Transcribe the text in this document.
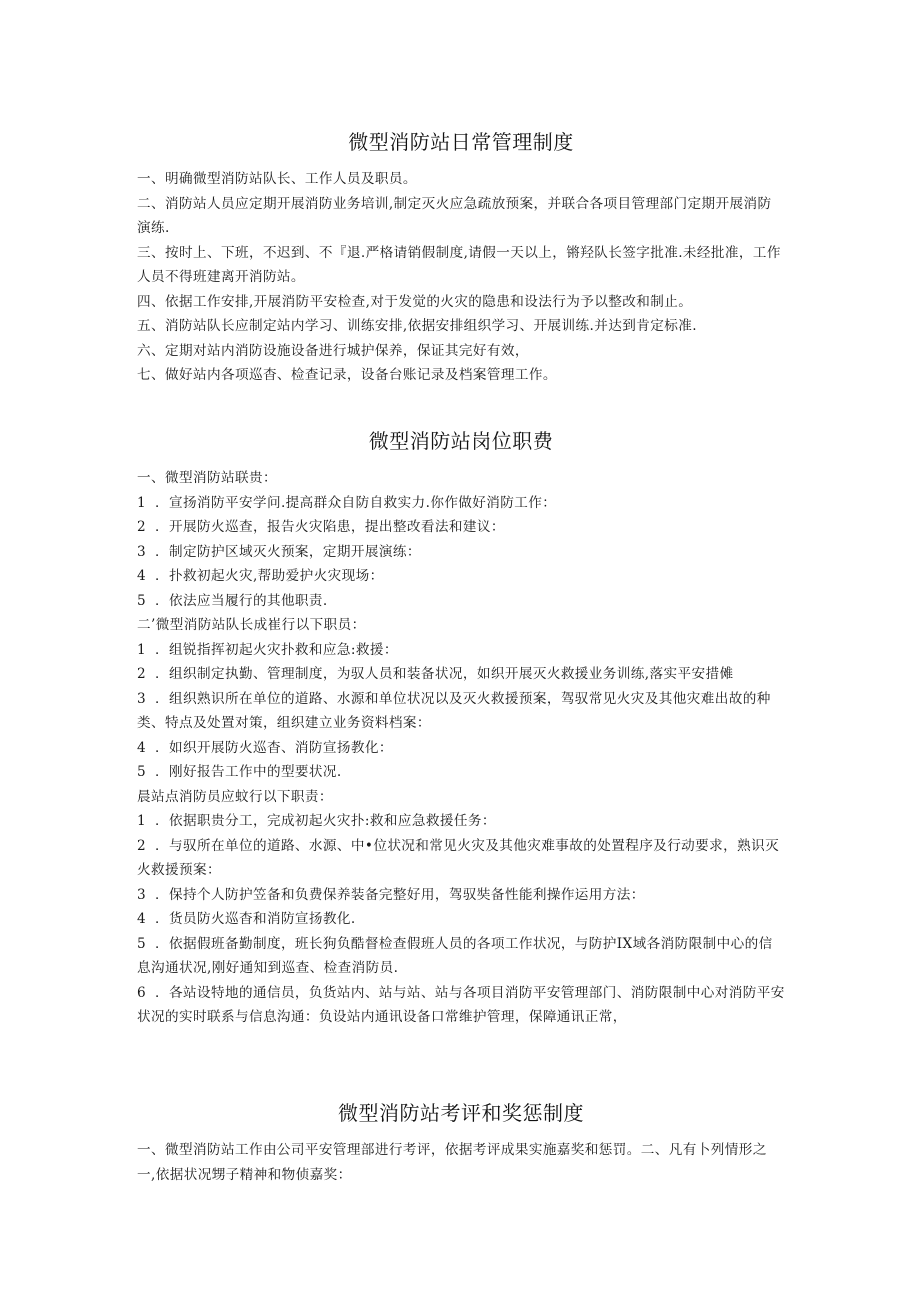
微型消防站日常管理制度

一、明确微型消防站队长、工作人员及职员。

二、消防站人员应定期开展消防业务培训,制定灭火应急疏放预案，并联合各项目管理部门定期开展消防演练.

三、按时上、下班，不迟到、不『退.严格请销假制度,请假一天以上，锵羟队长签字批准.未经批准，工作人员不得班建离开消防站。

四、依据工作安排,开展消防平安检查,对于发觉的火灾的隐患和设法行为予以整改和制止。

五、消防站队长应制定站内学习、训练安排,依据安排组织学习、开展训练.并达到肯定标准.

六、定期对站内消防设施设备进行城护保养，保证其完好有效，

七、做好站内各项巡杳、检查记录，设备台账记录及档案管理工作。

微型消防站岗位职费

一、微型消防站联贵：

1 ．宣扬消防平安学问.提高群众自防自救实力.你作做好消防工作：

2 ．开展防火巡查，报告火灾陷患，提出整改看法和建议：

3 ．制定防护区域灭火预案，定期开展演练：

4 ．扑救初起火灾,帮助爱护火灾现场：

5 ．依法应当履行的其他职责.

二’微型消防站队长成崔行以下职员：

1 ．组锐指挥初起火灾扑救和应急:救援：

2 ．组织制定执勤、管理制度，为驭人员和装备状况，如织开展灭火救援业务训练,落实平安措傩

3 ．组织熟识所在单位的道路、水源和单位状况以及灭火救援预案，驾驭常见火灾及其他灾难出故的种类、特点及处置对策，组织建立业务资料档案：

4 ．如织开展防火巡杳、消防宣扬教化：

5 ．刚好报告工作中的型要状况.

晨站点消防员应蚊行以下职责：

1 ．依据职贵分工，完成初起火灾扑:救和应急救援任务：

2 ．与驭所在单位的道路、水源、中•位状况和常见火灾及其他灾难事故的处置程序及行动要求，熟识灭火救援预案：

3 ．保持个人防护笠备和负费保养装备完整好用，驾驭奘备性能利操作运用方法：

4 ．货员防火巡杳和消防宣扬教化.

5 ．依据假班备勤制度，班长狗负酷督检查假班人员的各项工作状况，与防护IX域各消防限制中心的信息沟通状况,刚好通知到巡查、检查消防员.

6 ．各站设特地的通信员，负货站内、站与站、站与各项目消防平安管理部门、消防限制中心对消防平安状况的实时联系与信息沟通：负设站内通讯设备口常维护管理，保障通讯正常，

微型消防站考评和奖惩制度

一、微型消防站工作由公司平安管理部进行考评，依据考评成果实施嘉奖和惩罚。二、凡有卜列情形之一,依据状况甥子精神和物侦嘉奖：
